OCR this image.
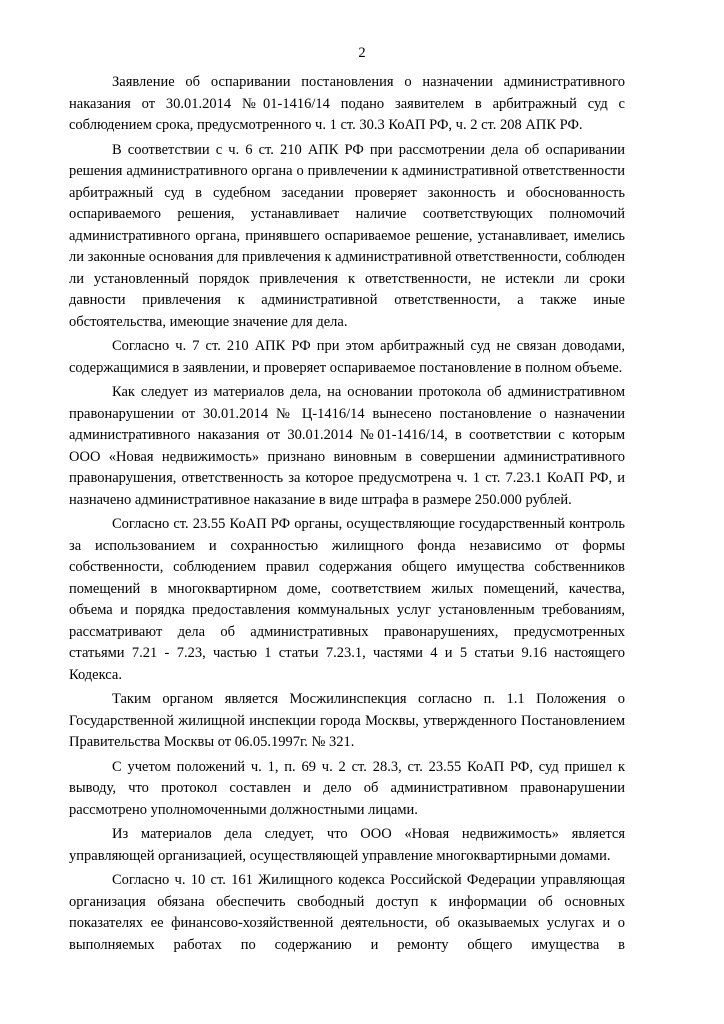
2

Заявление об оспаривании постановления о назначении административного наказания от 30.01.2014 №01-1416/14 подано заявителем в арбитражный суд с соблюдением срока, предусмотренного ч. 1 ст. 30.3 КоАП РФ, ч. 2 ст. 208 АПК РФ.

В соответствии с ч. 6 ст. 210 АПК РФ при рассмотрении дела об оспаривании решения административного органа о привлечении к административной ответственности арбитражный суд в судебном заседании проверяет законность и обоснованность оспариваемого решения, устанавливает наличие соответствующих полномочий административного органа, принявшего оспариваемое решение, устанавливает, имелись ли законные основания для привлечения к административной ответственности, соблюден ли установленный порядок привлечения к ответственности, не истекли ли сроки давности привлечения к административной ответственности, а также иные обстоятельства, имеющие значение для дела.

Согласно ч. 7 ст. 210 АПК РФ при этом арбитражный суд не связан доводами, содержащимися в заявлении, и проверяет оспариваемое постановление в полном объеме.

Как следует из материалов дела, на основании протокола об административном правонарушении от 30.01.2014 № Ц-1416/14 вынесено постановление о назначении административного наказания от 30.01.2014 №01-1416/14, в соответствии с которым ООО «Новая недвижимость» признано виновным в совершении административного правонарушения, ответственность за которое предусмотрена ч. 1 ст. 7.23.1 КоАП РФ, и назначено административное наказание в виде штрафа в размере 250.000 рублей.

Согласно ст. 23.55 КоАП РФ органы, осуществляющие государственный контроль за использованием и сохранностью жилищного фонда независимо от формы собственности, соблюдением правил содержания общего имущества собственников помещений в многоквартирном доме, соответствием жилых помещений, качества, объема и порядка предоставления коммунальных услуг установленным требованиям, рассматривают дела об административных правонарушениях, предусмотренных статьями 7.21 - 7.23, частью 1 статьи 7.23.1, частями 4 и 5 статьи 9.16 настоящего Кодекса.

Таким органом является Мосжилинспекция согласно п. 1.1 Положения о Государственной жилищной инспекции города Москвы, утвержденного Постановлением Правительства Москвы от 06.05.1997г. № 321.

С учетом положений ч. 1, п. 69 ч. 2 ст. 28.3, ст. 23.55 КоАП РФ, суд пришел к выводу, что протокол составлен и дело об административном правонарушении рассмотрено уполномоченными должностными лицами.

Из материалов дела следует, что ООО «Новая недвижимость» является управляющей организацией, осуществляющей управление многоквартирными домами.

Согласно ч. 10 ст. 161 Жилищного кодекса Российской Федерации управляющая организация обязана обеспечить свободный доступ к информации об основных показателях ее финансово-хозяйственной деятельности, об оказываемых услугах и о выполняемых работах по содержанию и ремонту общего имущества в
